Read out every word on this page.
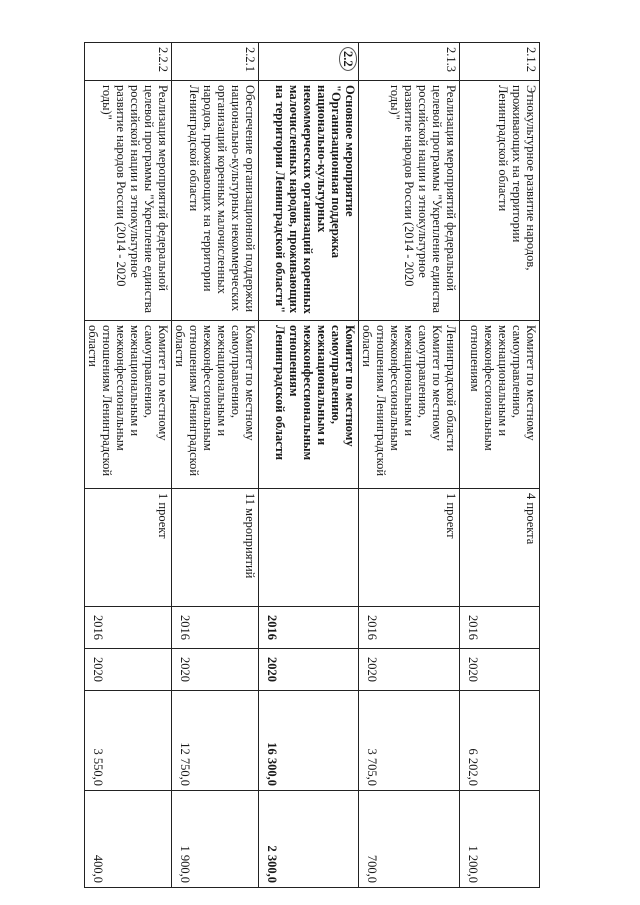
2.1.2	Этнокультурное развитие народов, проживающих на территории Ленинградской области	Комитет по местному самоуправлению, межнациональным и межконфессиональным отношениям	4 проекта	2016	2020	6 202,0	1 200,0
2.1.3	Реализация мероприятий федеральной целевой программы "Укрепление единства российской нации и этнокультурное развитие народов России (2014 - 2020 годы)"	Ленинградской области Комитет по местному самоуправлению, межнациональным и межконфессиональным отношениям Ленинградской области	1 проект	2016	2020	3 705,0	700,0
2.2	Основное мероприятие "Организационная поддержка национально-культурных некоммерческих организаций коренных малочисленных народов, проживающих на территории Ленинградской области"	Комитет по местному самоуправлению, межнациональным и межконфессиональным отношениям Ленинградской области		2016	2020	16 300,0	2 300,0
2.2.1	Обеспечение организационной поддержки национально-культурных некоммерческих организаций коренных малочисленных народов, проживающих на территории Ленинградской области	Комитет по местному самоуправлению, межнациональным и межконфессиональным отношениям Ленинградской области	11 мероприятий	2016	2020	12 750,0	1 900,0
2.2.2	Реализация мероприятий федеральной целевой программы "Укрепление единства российской нации и этнокультурное развитие народов России (2014 - 2020 годы)"	Комитет по местному самоуправлению, межнациональным и межконфессиональным отношениям Ленинградской области	1 проект	2016	2020	3 550,0	400,0
